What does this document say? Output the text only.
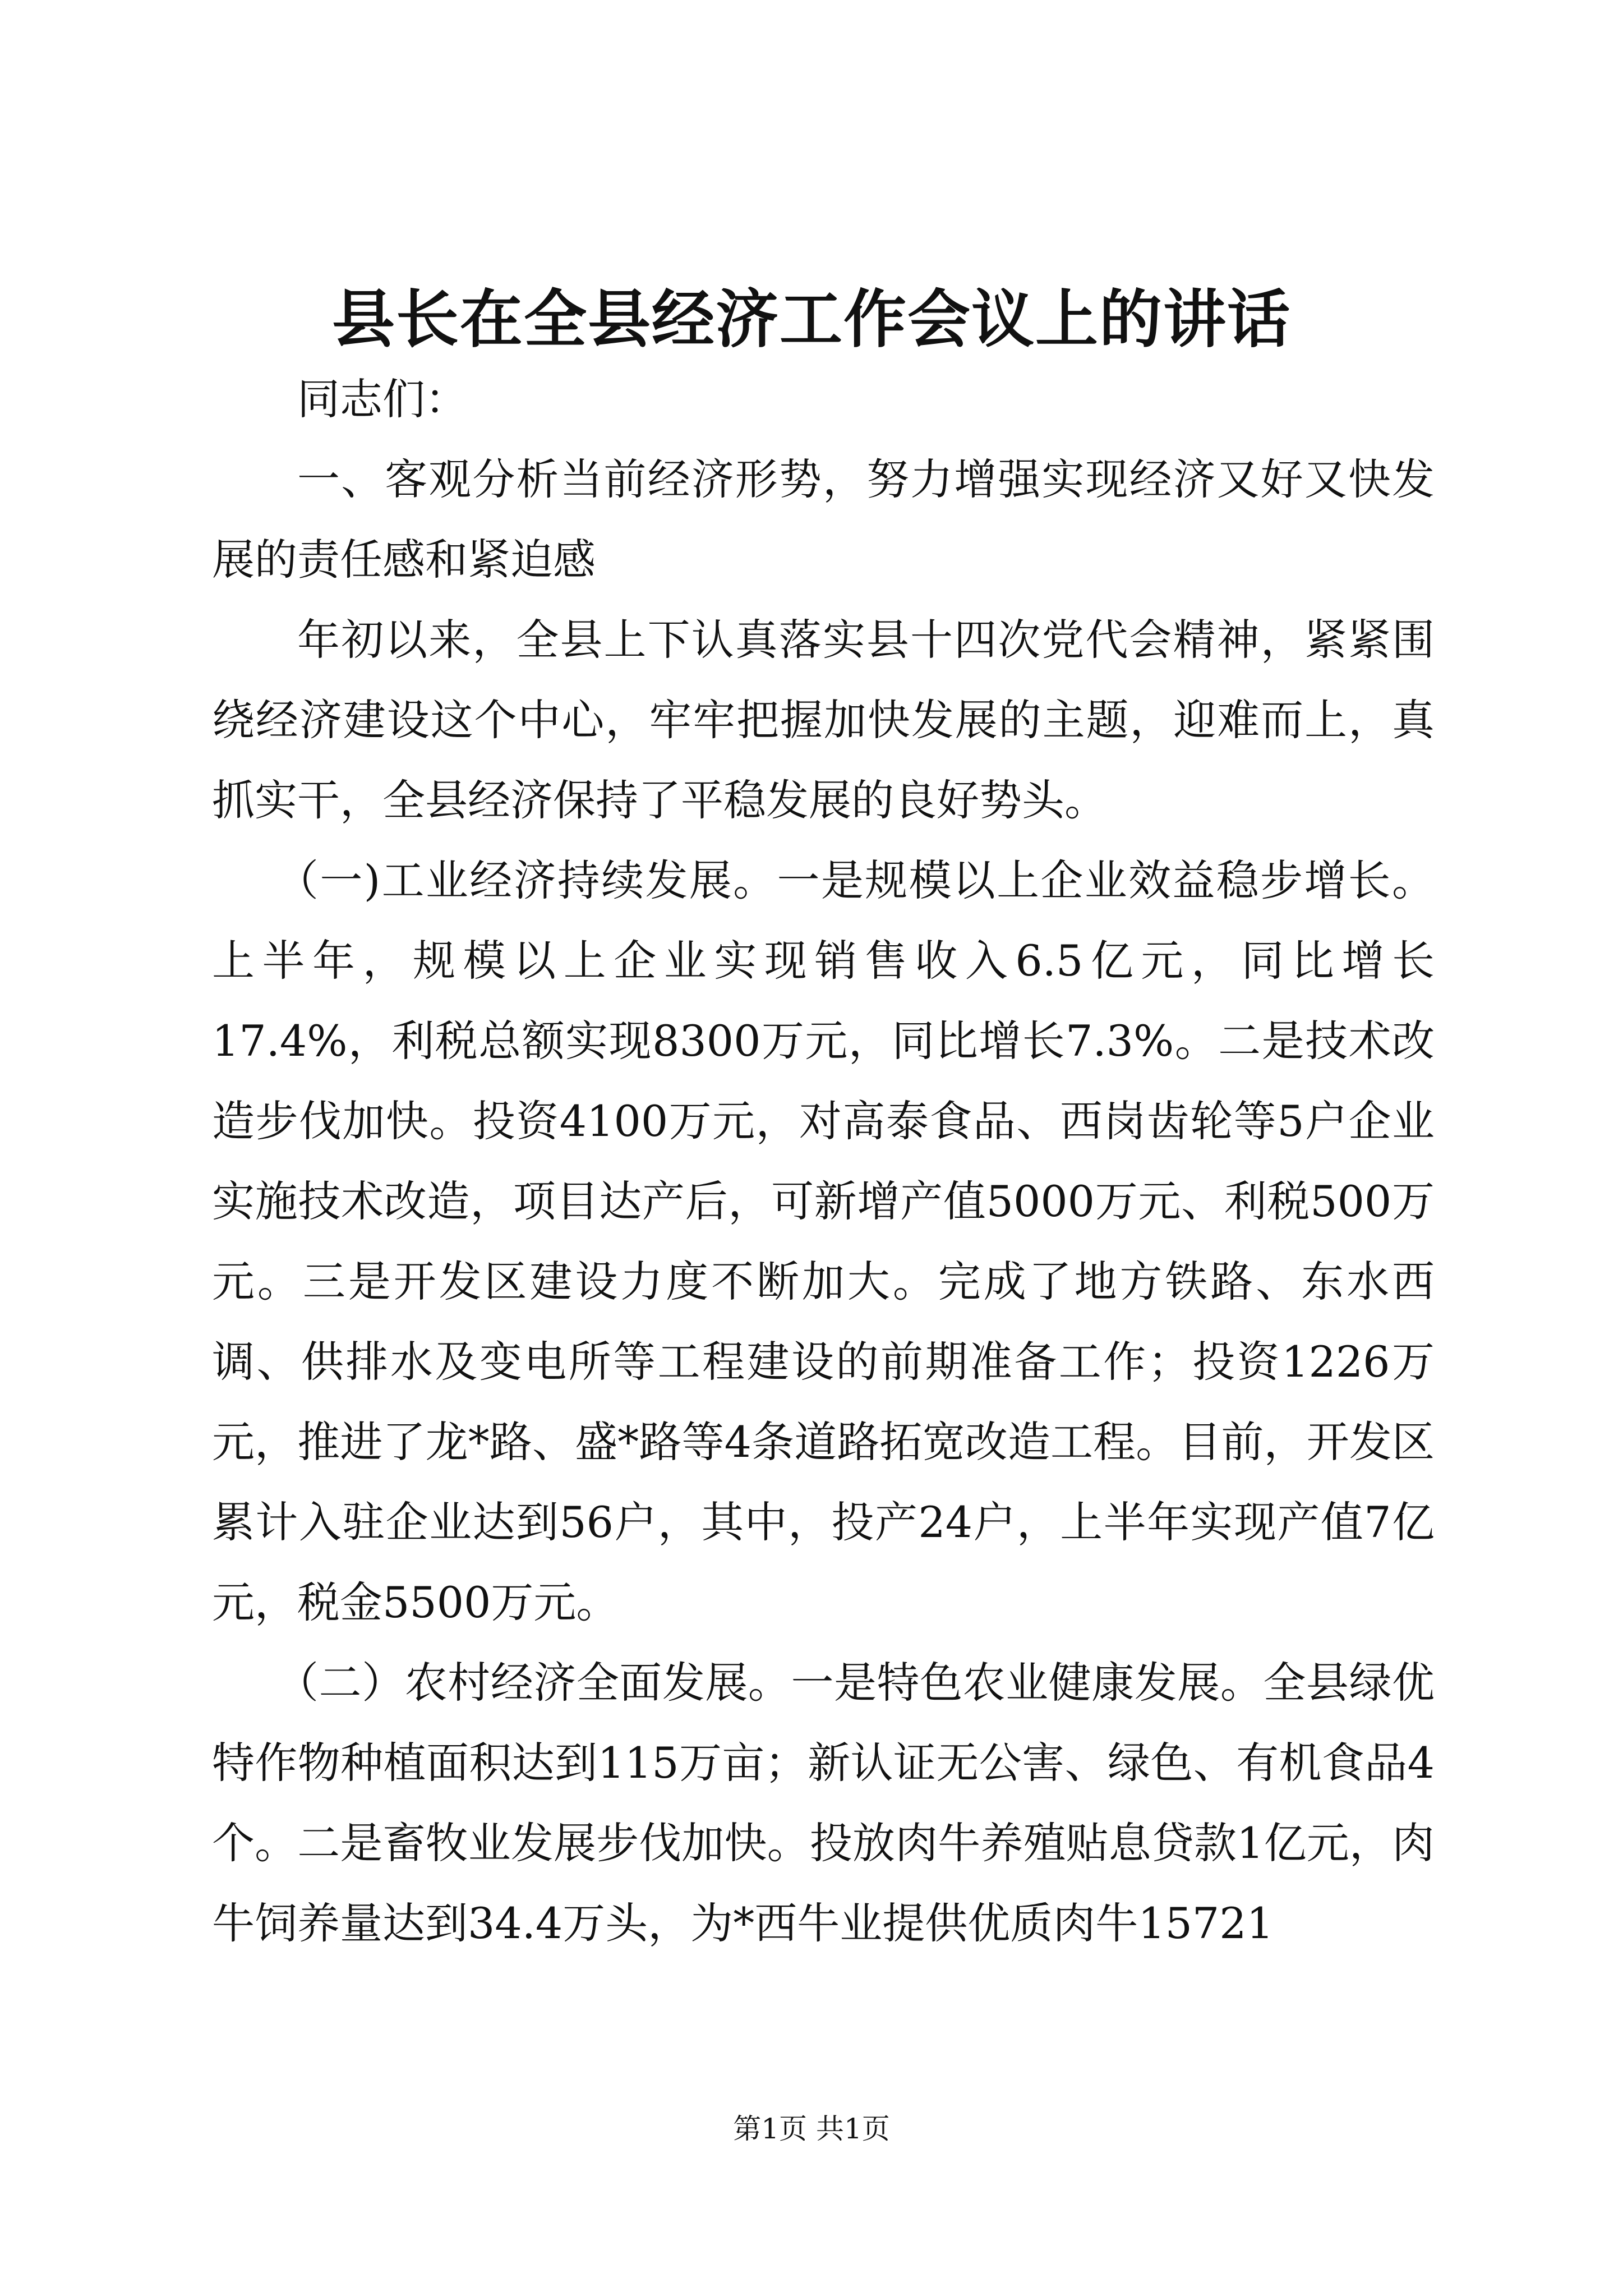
县长在全县经济工作会议上的讲话

同志们：

一、客观分析当前经济形势，努力增强实现经济又好又快发展的责任感和紧迫感

年初以来，全县上下认真落实县十四次党代会精神，紧紧围绕经济建设这个中心，牢牢把握加快发展的主题，迎难而上，真抓实干，全县经济保持了平稳发展的良好势头。

（一)工业经济持续发展。一是规模以上企业效益稳步增长。上半年，规模以上企业实现销售收入6.5亿元，同比增长17.4%，利税总额实现8300万元，同比增长7.3%。二是技术改造步伐加快。投资4100万元，对高泰食品、西岗齿轮等5户企业实施技术改造，项目达产后，可新增产值5000万元、利税500万元。三是开发区建设力度不断加大。完成了地方铁路、东水西调、供排水及变电所等工程建设的前期准备工作；投资1226万元，推进了龙*路、盛*路等4条道路拓宽改造工程。目前，开发区累计入驻企业达到56户，其中，投产24户，上半年实现产值7亿元，税金5500万元。

（二）农村经济全面发展。一是特色农业健康发展。全县绿优特作物种植面积达到115万亩；新认证无公害、绿色、有机食品4个。二是畜牧业发展步伐加快。投放肉牛养殖贴息贷款1亿元，肉牛饲养量达到34.4万头，为*西牛业提供优质肉牛15721

第1页 共1页
